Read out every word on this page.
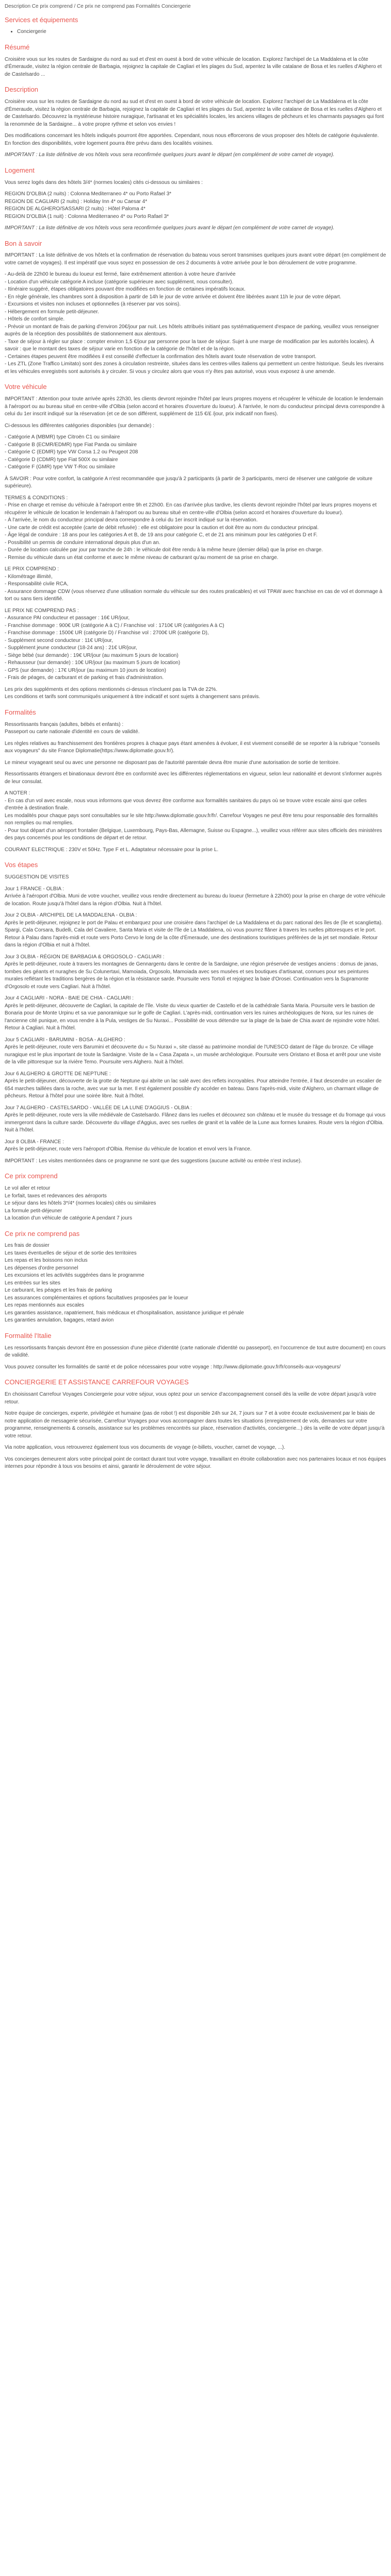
Description Ce prix comprend / Ce prix ne comprend pas Formalités Conciergerie

Services et équipements
• Conciergerie
Résumé

Croisière vous sur les routes de Sardaigne du nord au sud et d'est en ouest à bord de votre véhicule de location. Explorez l'archipel de La Maddalena et la côte d'Émeraude, visitez la région centrale de Barbagia, rejoignez la capitale de Cagliari et les plages du Sud, arpentez la ville catalane de Bosa et les ruelles d'Alghero et de Castelsardo ...

Description

Croisière vous sur les routes de Sardaigne du nord au sud et d'est en ouest à bord de votre véhicule de location. Explorez l'archipel de La Maddalena et la côte d'Émeraude, visitez la région centrale de Barbagia, rejoignez la capitale de Cagliari et les plages du Sud, arpentez la ville catalane de Bosa et les ruelles d'Alghero et de Castelsardo. Découvrez la mystérieuse histoire nuragique, l'artisanat et les spécialités locales, les anciens villages de pêcheurs et les charmants paysages qui font la renommée de la Sardaigne... à votre propre rythme et selon vos envies !

Des modifications concernant les hôtels indiqués pourront être apportées. Cependant, nous nous efforcerons de vous proposer des hôtels de catégorie équivalente. En fonction des disponibilités, votre logement pourra être prévu dans des localités voisines.

IMPORTANT : La liste définitive de vos hôtels vous sera reconfirmée quelques jours avant le départ (en complément de votre carnet de voyage).

Logement

Vous serez logés dans des hôtels 3/4* (normes locales) cités ci-dessous ou similaires :

REGION D'OLBIA (2 nuits) : Colonna Mediterraneo 4* ou Porto Rafael 3*
REGION DE CAGLIARI (2 nuits) : Holiday Inn 4* ou Caesar 4*
REGION DE ALGHERO/SASSARI (2 nuits) : Hôtel Paloma 4*
REGION D'OLBIA (1 nuit) : Colonna Mediterraneo 4* ou Porto Rafael 3*

IMPORTANT : La liste définitive de vos hôtels vous sera reconfirmée quelques jours avant le départ (en complément de votre carnet de voyage).

Bon à savoir

IMPORTANT : La liste définitive de vos hôtels et la confirmation de réservation du bateau vous seront transmises quelques jours avant votre départ (en complément de votre carnet de voyages). Il est impératif que vous soyez en possession de ces 2 documents à votre arrivée pour le bon déroulement de votre programme.

- Au-delà de 22h00 le bureau du loueur est fermé, faire extrêmement attention à votre heure d'arrivée
- Location d'un véhicule catégorie A incluse (catégorie supérieure avec supplément, nous consulter).
- Itinéraire suggéré, étapes obligatoires pouvant être modifiées en fonction de certaines impératifs locaux.
- En règle générale, les chambres sont à disposition à partir de 14h le jour de votre arrivée et doivent être libérées avant 11h le jour de votre départ.
- Excursions et visites non incluses et optionnelles (à réserver par vos soins).
- Hébergement en formule petit-déjeuner.
- Hôtels de confort simple.
- Prévoir un montant de frais de parking d'environ 20€/jour par nuit. Les hôtels attribués initiant pas systématiquement d'espace de parking, veuillez vous renseigner auprès de la réception des possibilités de stationnement aux alentours.
- Taxe de séjour à régler sur place : compter environ 1,5 €/jour par personne pour la taxe de séjour. Sujet à une marge de modification par les autorités locales). À savoir : que le montant des taxes de séjour varie en fonction de la catégorie de l'hôtel et de la région.
- Certaines étapes peuvent être modifiées il est conseillé d'effectuer la confirmation des hôtels avant toute réservation de votre transport.
- Les ZTL (Zone Traffico Limitato) sont des zones à circulation restreinte, situées dans les centres-villes italiens qui permettent un centre historique. Seuls les riverains et les véhicules enregistrés sont autorisés à y circuler. Si vous y circulez alors que vous n'y êtes pas autorisé, vous vous exposez à une amende.
Votre véhicule

IMPORTANT : Attention pour toute arrivée après 22h30, les clients devront rejoindre l'hôtel par leurs propres moyens et récupérer le véhicule de location le lendemain à l'aéroport ou au bureau situé en centre-ville d'Olbia (selon accord et horaires d'ouverture du loueur). À l'arrivée, le nom du conducteur principal devra correspondre à celui du 1er inscrit indiqué sur la réservation (et ce de son différent, supplément de 115 €/£ /jour, prix indicatif non fixes).

Ci-dessous les différentes catégories disponibles (sur demande) :

- Catégorie A (MBMR) type Citroën C1 ou similaire
- Catégorie B (ECMR/EDMR) type Fiat Panda ou similaire
- Catégorie C (EDMR) type VW Corsa 1.2 ou Peugeot 208
- Catégorie D (CDMR) type Fiat 500X ou similaire
- Catégorie F (GMR) type VW T-Roc ou similaire

À SAVOIR : Pour votre confort, la catégorie A n'est recommandée que jusqu'à 2 participants (à partir de 3 participants, merci de réserver une catégorie de voiture supérieure).

TERMES & CONDITIONS :
- Prise en charge et remise du véhicule à l'aéroport entre 9h et 22h00. En cas d'arrivée plus tardive, les clients devront rejoindre l'hôtel par leurs propres moyens et récupérer le véhicule de location le lendemain à l'aéroport ou au bureau situé en centre-ville d'Olbia (selon accord et horaires d'ouverture du loueur).
- À l'arrivée, le nom du conducteur principal devra correspondre à celui du 1er inscrit indiqué sur la réservation.
- Une carte de crédit est acceptée (carte de débit refusée) : elle est obligatoire pour la caution et doit être au nom du conducteur principal.
- Âge légal de conduire : 18 ans pour les catégories A et B, de 19 ans pour catégorie C, et de 21 ans minimum pour les catégories D et F.
- Possibilité un permis de conduire international depuis plus d'un an.
- Durée de location calculée par jour par tranche de 24h : le véhicule doit être rendu à la même heure (dernier délai) que la prise en charge.
- Remise du véhicule dans un état conforme et avec le même niveau de carburant qu'au moment de sa prise en charge.
LE PRIX COMPREND :
- Kilométrage illimité,
- Responsabilité civile RCA,
- Assurance dommage CDW (vous réservez d'une utilisation normale du véhicule sur des routes praticables) et vol TPAW avec franchise en cas de vol et dommage à tort ou sans tiers identifié.
LE PRIX NE COMPREND PAS :
- Assurance PAI conducteur et passager : 16€ UR/jour,
- Franchise dommage : 900€ UR (catégorie A à C) / Franchise vol : 1710€ UR (catégories A à C)
- Franchise dommage : 1500€ UR (catégorie D) / Franchise vol : 2700€ UR (catégorie D),
- Supplément second conducteur : 11€ UR/jour,
- Supplément jeune conducteur (18-24 ans) : 21€ UR/jour,
- Siège bébé (sur demande) : 19€ UR/jour (au maximum 5 jours de location)
- Rehausseur (sur demande) : 10€ UR/jour (au maximum 5 jours de location)
- GPS (sur demande) : 17€ UR/jour (au maximum 10 jours de location)
- Frais de péages, de carburant et de parking et frais d'administration.
Les prix des suppléments et des options mentionnés ci-dessus n'incluent pas la TVA de 22%.
Les conditions et tarifs sont communiqués uniquement à titre indicatif et sont sujets à changement sans préavis.
Formalités
Ressortissants français (adultes, bébés et enfants) :

Passeport ou carte nationale d'identité en cours de validité.

Les règles relatives au franchissement des frontières propres à chaque pays étant amenées à évoluer, il est vivement conseillé de se reporter à la rubrique "conseils aux voyageurs" du site France Diplomatie(https://www.diplomatie.gouv.fr/).

Le mineur voyageant seul ou avec une personne ne disposant pas de l'autorité parentale devra être munie d'une autorisation de sortie de territoire.

Ressortissants étrangers et binationaux devront être en conformité avec les différentes réglementations en vigueur, selon leur nationalité et devront s'informer auprès de leur consulat.

A NOTER :
- En cas d'un vol avec escale, nous vous informons que vous devrez être conforme aux formalités sanitaires du pays où se trouve votre escale ainsi que celles d'entrée à destination finale.
Les modalités pour chaque pays sont consultables sur le site http://www.diplomatie.gouv.fr/fr/. Carrefour Voyages ne peut être tenu pour responsable des formalités non remplies ou mal remplies.
- Pour tout départ d'un aéroport frontalier (Belgique, Luxembourg, Pays-Bas, Allemagne, Suisse ou Espagne...), veuillez vous référer aux sites officiels des ministères des pays concernés pour les conditions de départ et de retour.

COURANT ELECTRIQUE : 230V et 50Hz. Type F et L. Adaptateur nécessaire pour la prise L.

Vos étapes

SUGGESTION DE VISITES

Jour 1 FRANCE - OLBIA :

Arrivée à l'aéroport d'Olbia. Muni de votre voucher, veuillez vous rendre directement au bureau du loueur (fermeture à 22h00) pour la prise en charge de votre véhicule de location. Route jusqu'à l'hôtel dans la région d'Olbia. Nuit à l'hôtel.

Jour 2 OLBIA - ARCHIPEL DE LA MADDALENA - OLBIA :

Après le petit-déjeuner, rejoignez le port de Palau et embarquez pour une croisière dans l'archipel de La Maddalena et du parc national des îles de (île et scanglietta). Spargi, Cala Corsara, Budelli, Cala del Cavaliere, Santa Maria et visite de l'île de La Maddalena, où vous pourrez flâner à travers les ruelles pittoresques et le port. Retour à Palau dans l'après-midi et route vers Porto Cervo le long de la côte d'Émeraude, une des destinations touristiques préférées de la jet set mondiale. Retour dans la région d'Olbia et nuit à l'hôtel.

Jour 3 OLBIA - RÉGION DE BARBAGIA & ORGOSOLO - CAGLIARI :

Après le petit-déjeuner, route à travers les montagnes de Gennargentu dans le centre de la Sardaigne, une région préservée de vestiges anciens : domus de janas, tombes des géants et nuraghes de Su Colunertaxi, Mamoiada, Orgosolo, Mamoiada avec ses musées et ses boutiques d'artisanat, connues pour ses peintures murales reflétant les traditions bergères de la région et la résistance sarde. Poursuite vers Tortolì et rejoignez la baie d'Orosei. Continuation vers la Supramonte d'Orgosolo et route vers Cagliari. Nuit à l'hôtel.

Jour 4 CAGLIARI - NORA - BAIE DE CHIA - CAGLIARI :

Après le petit-déjeuner, découverte de Cagliari, la capitale de l'île. Visite du vieux quartier de Castello et de la cathédrale Santa Maria. Poursuite vers le bastion de Bonaria pour de Monte Urpinu et sa vue panoramique sur le golfe de Cagliari. L'après-midi, continuation vers les ruines archéologiques de Nora, sur les ruines de l'ancienne cité punique, en vous rendre à la Pula, vestiges de Su Nuraxi... Possibilité de vous détendre sur la plage de la baie de Chia avant de rejoindre votre hôtel. Retour à Cagliari. Nuit à l'hôtel.

Jour 5 CAGLIARI - BARUMINI - BOSA - ALGHERO :

Après le petit-déjeuner, route vers Barumini et découverte du « Su Nuraxi », site classé au patrimoine mondial de l'UNESCO datant de l'âge du bronze. Ce village nuragique est le plus important de toute la Sardaigne. Visite de la « Casa Zapata », un musée archéologique. Poursuite vers Oristano et Bosa et arrêt pour une visite de la ville pittoresque sur la rivière Temo. Poursuite vers Alghero. Nuit à l'hôtel.

Jour 6 ALGHERO & GROTTE DE NEPTUNE :

Après le petit-déjeuner, découverte de la grotte de Neptune qui abrite un lac salé avec des reflets incroyables. Pour atteindre l'entrée, il faut descendre un escalier de 654 marches taillées dans la roche, avec vue sur la mer. Il est également possible d'y accéder en bateau. Dans l'après-midi, visite d'Alghero, un charmant village de pêcheurs. Retour à l'hôtel pour une soirée libre. Nuit à l'hôtel.

Jour 7 ALGHERO - CASTELSARDO - VALLÉE DE LA LUNE D'AGGIUS - OLBIA :

Après le petit-déjeuner, route vers la ville médiévale de Castelsardo. Flânez dans les ruelles et découvrez son château et le musée du tressage et du fromage qui vous immergeront dans la culture sarde. Découverte du village d'Aggius, avec ses ruelles de granit et la vallée de la Lune aux formes lunaires. Route vers la région d'Olbia. Nuit à l'hôtel.

Jour 8 OLBIA - FRANCE :

Après le petit-déjeuner, route vers l'aéroport d'Olbia. Remise du véhicule de location et envol vers la France.

IMPORTANT : Les visites mentionnées dans ce programme ne sont que des suggestions (aucune activité ou entrée n'est incluse).

Ce prix comprend
Le vol aller et retour
Le forfait, taxes et redevances des aéroports
Le séjour dans les hôtels 3*/4* (normes locales) cités ou similaires
La formule petit-déjeuner
La location d'un véhicule de catégorie A pendant 7 jours
Ce prix ne comprend pas
Les frais de dossier
Les taxes éventuelles de séjour et de sortie des territoires
Les repas et les boissons non inclus
Les dépenses d'ordre personnel
Les excursions et les activités suggérées dans le programme
Les entrées sur les sites
Le carburant, les péages et les frais de parking
Les assurances complémentaires et options facultatives proposées par le loueur
Les repas mentionnés aux escales
Les garanties assistance, rapatriement, frais médicaux et d'hospitalisation, assistance juridique et pénale
Les garanties annulation, bagages, retard avion
Formalité l'Italie

Les ressortissants français devront être en possession d'une pièce d'identité (carte nationale d'identité ou passeport), en l'occurrence de tout autre document) en cours de validité.

Vous pouvez consulter les formalités de santé et de police nécessaires pour votre voyage : http://www.diplomatie.gouv.fr/fr/conseils-aux-voyageurs/

CONCIERGERIE ET ASSISTANCE CARREFOUR VOYAGES

En choisissant Carrefour Voyages Conciergerie pour votre séjour, vous optez pour un service d'accompagnement conseil dès la veille de votre départ jusqu'à votre retour.

Notre équipe de concierges, experte, privilégiée et humaine (pas de robot !) est disponible 24h sur 24, 7 jours sur 7 et à votre écoute exclusivement par le biais de notre application de messagerie sécurisée, Carrefour Voyages pour vous accompagner dans toutes les situations (enregistrement de vols, demandes sur votre programme, renseignements & conseils, assistance sur les problèmes rencontrés sur place, réservation d'activités, conciergerie...) dès la veille de votre départ jusqu'à votre retour.

Via notre application, vous retrouverez également tous vos documents de voyage (e-billets, voucher, carnet de voyage, ...).

Vos concierges demeurent alors votre principal point de contact durant tout votre voyage, travaillant en étroite collaboration avec nos partenaires locaux et nos équipes internes pour répondre à tous vos besoins et ainsi, garantir le déroulement de votre séjour.
